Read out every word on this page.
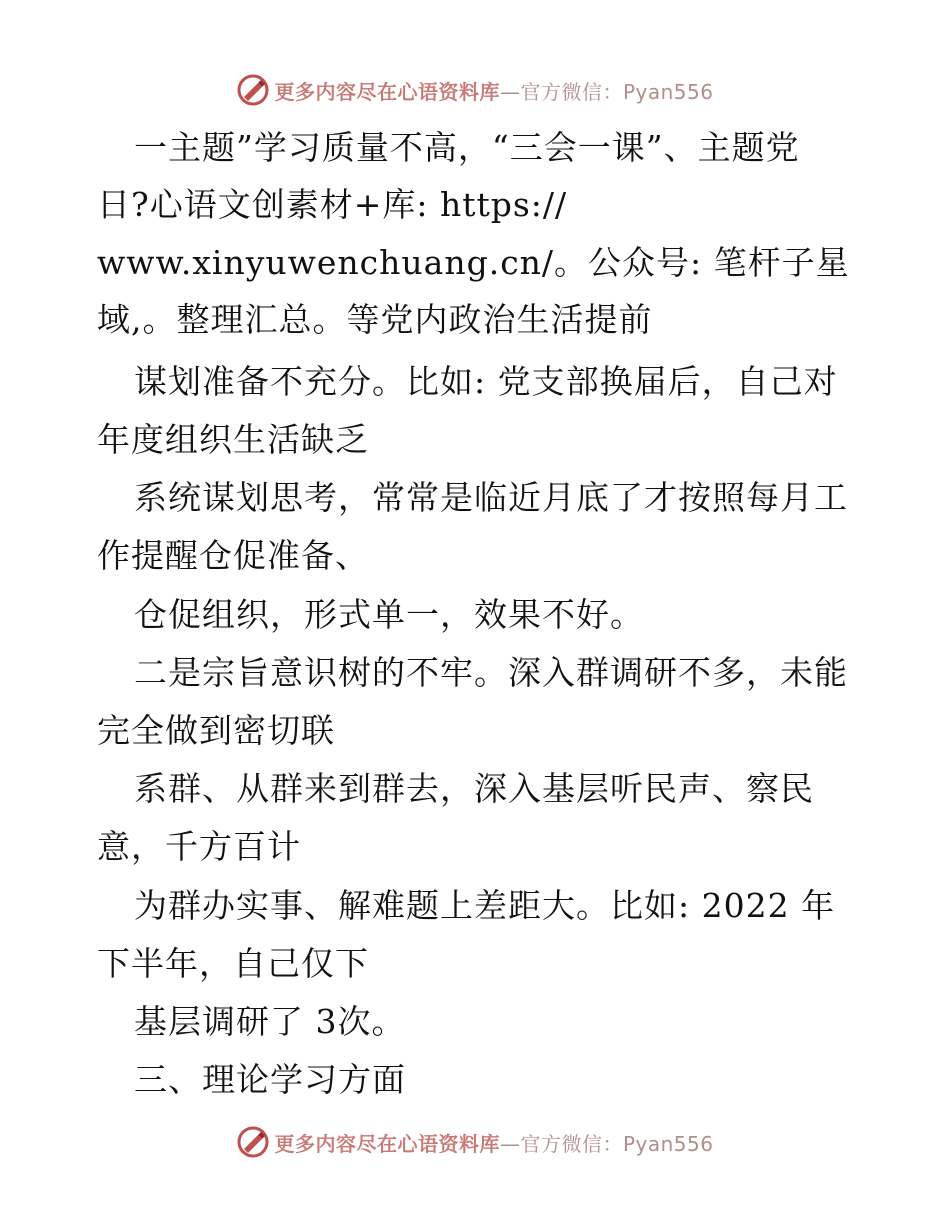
更多内容尽在心语资料库—官方微信：Pyan556
一主题”学习质量不高，“三会一课”、主题党
日?心语文创素材+库: https://
www.xinyuwenchuang.cn/。公众号: 笔杆子星
域,。整理汇总。等党内政治生活提前
谋划准备不充分。比如: 党支部换届后，自己对
年度组织生活缺乏
系统谋划思考，常常是临近月底了才按照每月工
作提醒仓促准备、
仓促组织，形式单一，效果不好。
二是宗旨意识树的不牢。深入群调研不多，未能
完全做到密切联
系群、从群来到群去，深入基层听民声、察民
意，千方百计
为群办实事、解难题上差距大。比如: 2022 年
下半年，自己仅下
基层调研了 3次。
三、理论学习方面
更多内容尽在心语资料库—官方微信：Pyan556
